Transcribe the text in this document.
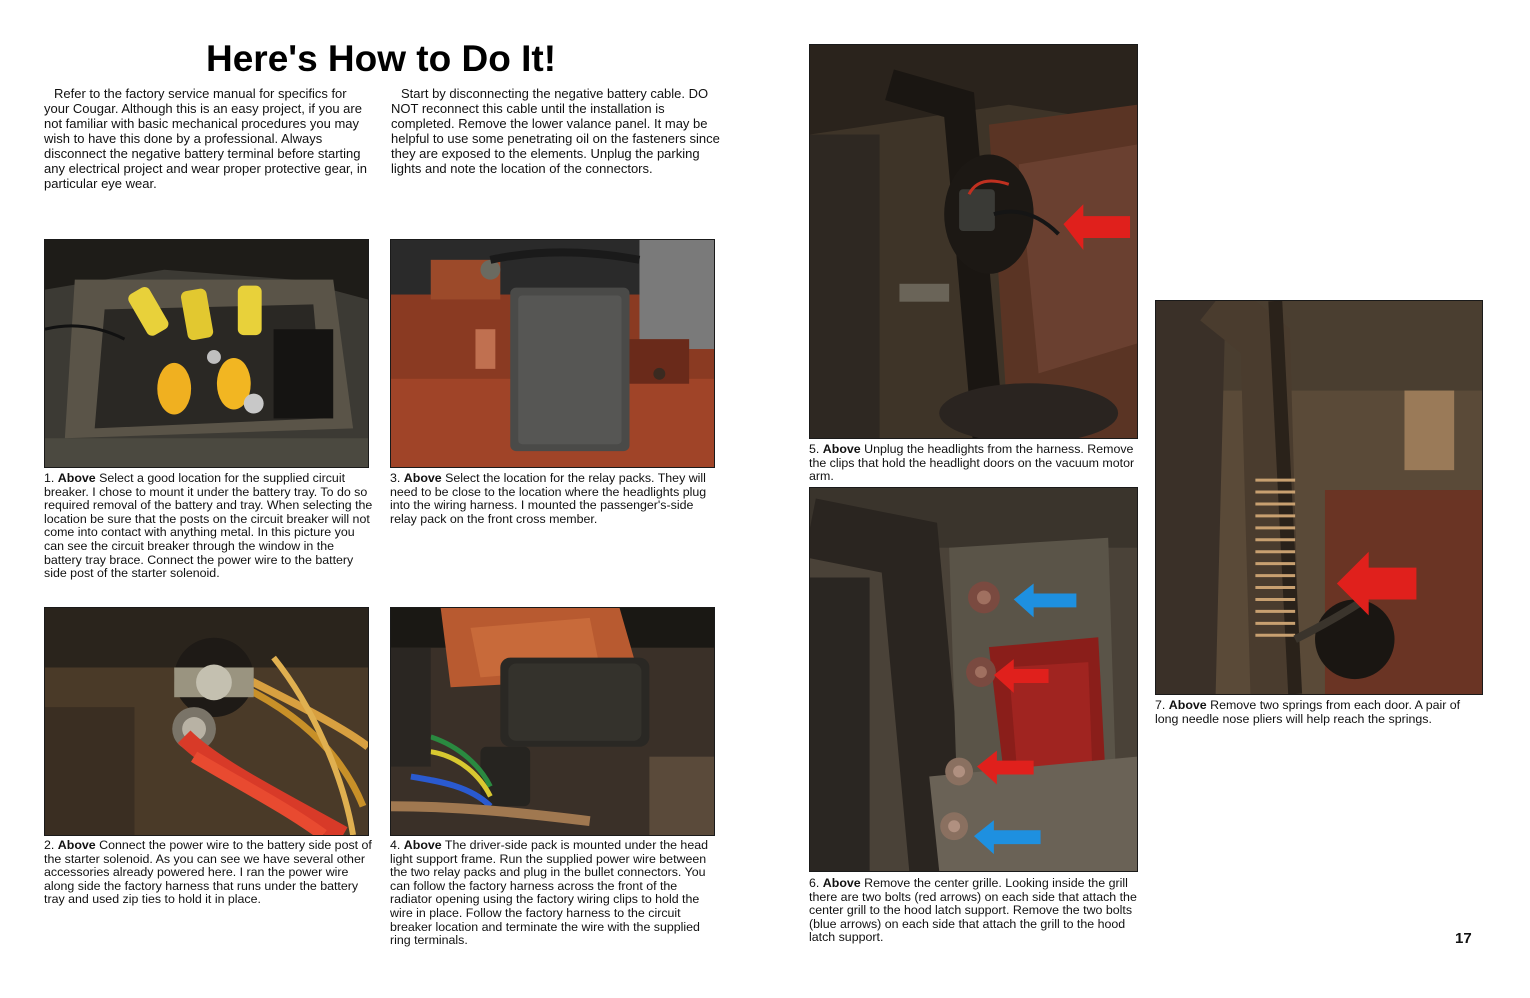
Here's How to Do It!
Refer to the factory service manual for specifics for your Cougar. Although this is an easy project, if you are not familiar with basic mechanical procedures you may wish to have this done by a professional. Always disconnect the negative battery terminal before starting any electrical project and wear proper protective gear, in particular eye wear.
Start by disconnecting the negative battery cable. DO NOT reconnect this cable until the installation is completed. Remove the lower valance panel. It may be helpful to use some penetrating oil on the fasteners since they are exposed to the elements. Unplug the parking lights and note the location of the connectors.
1. Above Select a good location for the supplied circuit breaker. I chose to mount it under the battery tray. To do so required removal of the battery and tray. When selecting the location be sure that the posts on the circuit breaker will not come into contact with anything metal. In this picture you can see the circuit breaker through the window in the battery tray brace. Connect the power wire to the battery side post of the starter solenoid.
2. Above Connect the power wire to the battery side post of the starter solenoid. As you can see we have several other accessories already powered here. I ran the power wire along side the factory harness that runs under the battery tray and used zip ties to hold it in place.
3. Above Select the location for the relay packs. They will need to be close to the location where the headlights plug into the wiring harness. I mounted the passenger's-side relay pack on the front cross member.
4. Above The driver-side pack is mounted under the head light support frame. Run the supplied power wire between the two relay packs and plug in the bullet connectors. You can follow the factory harness across the front of the radiator opening using the factory wiring clips to hold the wire in place. Follow the factory harness to the circuit breaker location and terminate the wire with the supplied ring terminals.
5. Above Unplug the headlights from the harness. Remove the clips that hold the headlight doors on the vacuum motor arm.
6. Above Remove the center grille. Looking inside the grill there are two bolts (red arrows) on each side that attach the center grill to the hood latch support. Remove the two bolts (blue arrows) on each side that attach the grill to the hood latch support.
7. Above Remove two springs from each door. A pair of long needle nose pliers will help reach the springs.
17
